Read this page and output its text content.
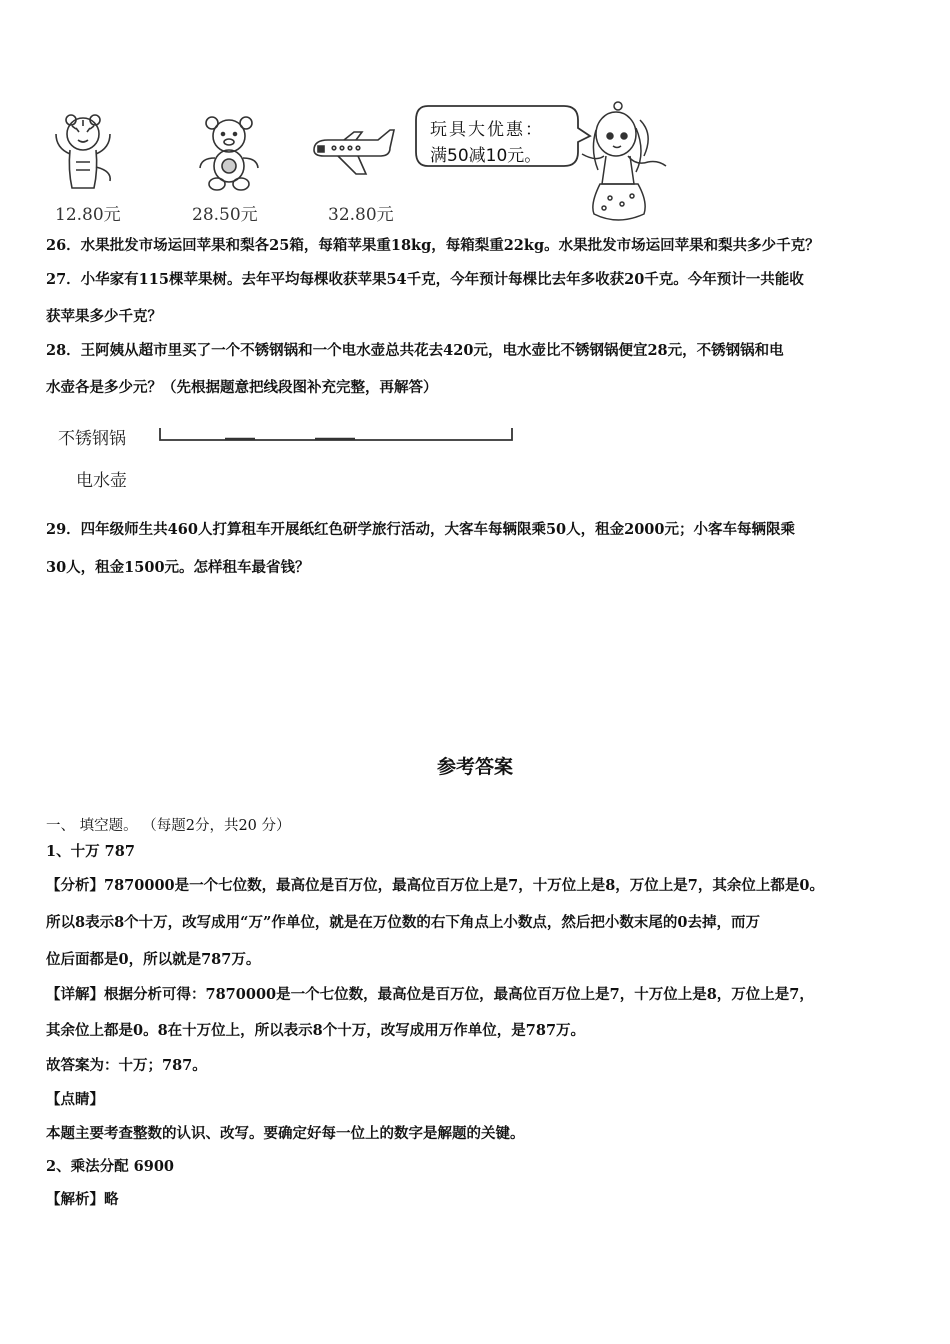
12.80元	28.50元	32.80元
玩具大优惠：
满50减10元。
26．水果批发市场运回苹果和梨各25箱，每箱苹果重18kg，每箱梨重22kg。水果批发市场运回苹果和梨共多少千克？
27．小华家有115棵苹果树。去年平均每棵收获苹果54千克，今年预计每棵比去年多收获20千克。今年预计一共能收
获苹果多少千克？
28．王阿姨从超市里买了一个不锈钢锅和一个电水壶总共花去420元，电水壶比不锈钢锅便宜28元，不锈钢锅和电
水壶各是多少元？（先根据题意把线段图补充完整，再解答）
不锈钢锅
电水壶
29．四年级师生共460人打算租车开展纸红色研学旅行活动，大客车每辆限乘50人，租金2000元；小客车每辆限乘
30人，租金1500元。怎样租车最省钱？
参考答案
一、 填空题。 （每题2分，共20 分）
1、十万 787
【分析】7870000是一个七位数，最高位是百万位，最高位百万位上是7，十万位上是8，万位上是7，其余位上都是0。
所以8表示8个十万，改写成用“万”作单位，就是在万位数的右下角点上小数点，然后把小数末尾的0去掉，而万
位后面都是0，所以就是787万。
【详解】根据分析可得：7870000是一个七位数，最高位是百万位，最高位百万位上是7，十万位上是8，万位上是7，
其余位上都是0。8在十万位上，所以表示8个十万，改写成用万作单位，是787万。
故答案为：十万；787。
【点睛】
本题主要考查整数的认识、改写。要确定好每一位上的数字是解题的关键。
2、乘法分配 6900
【解析】略
